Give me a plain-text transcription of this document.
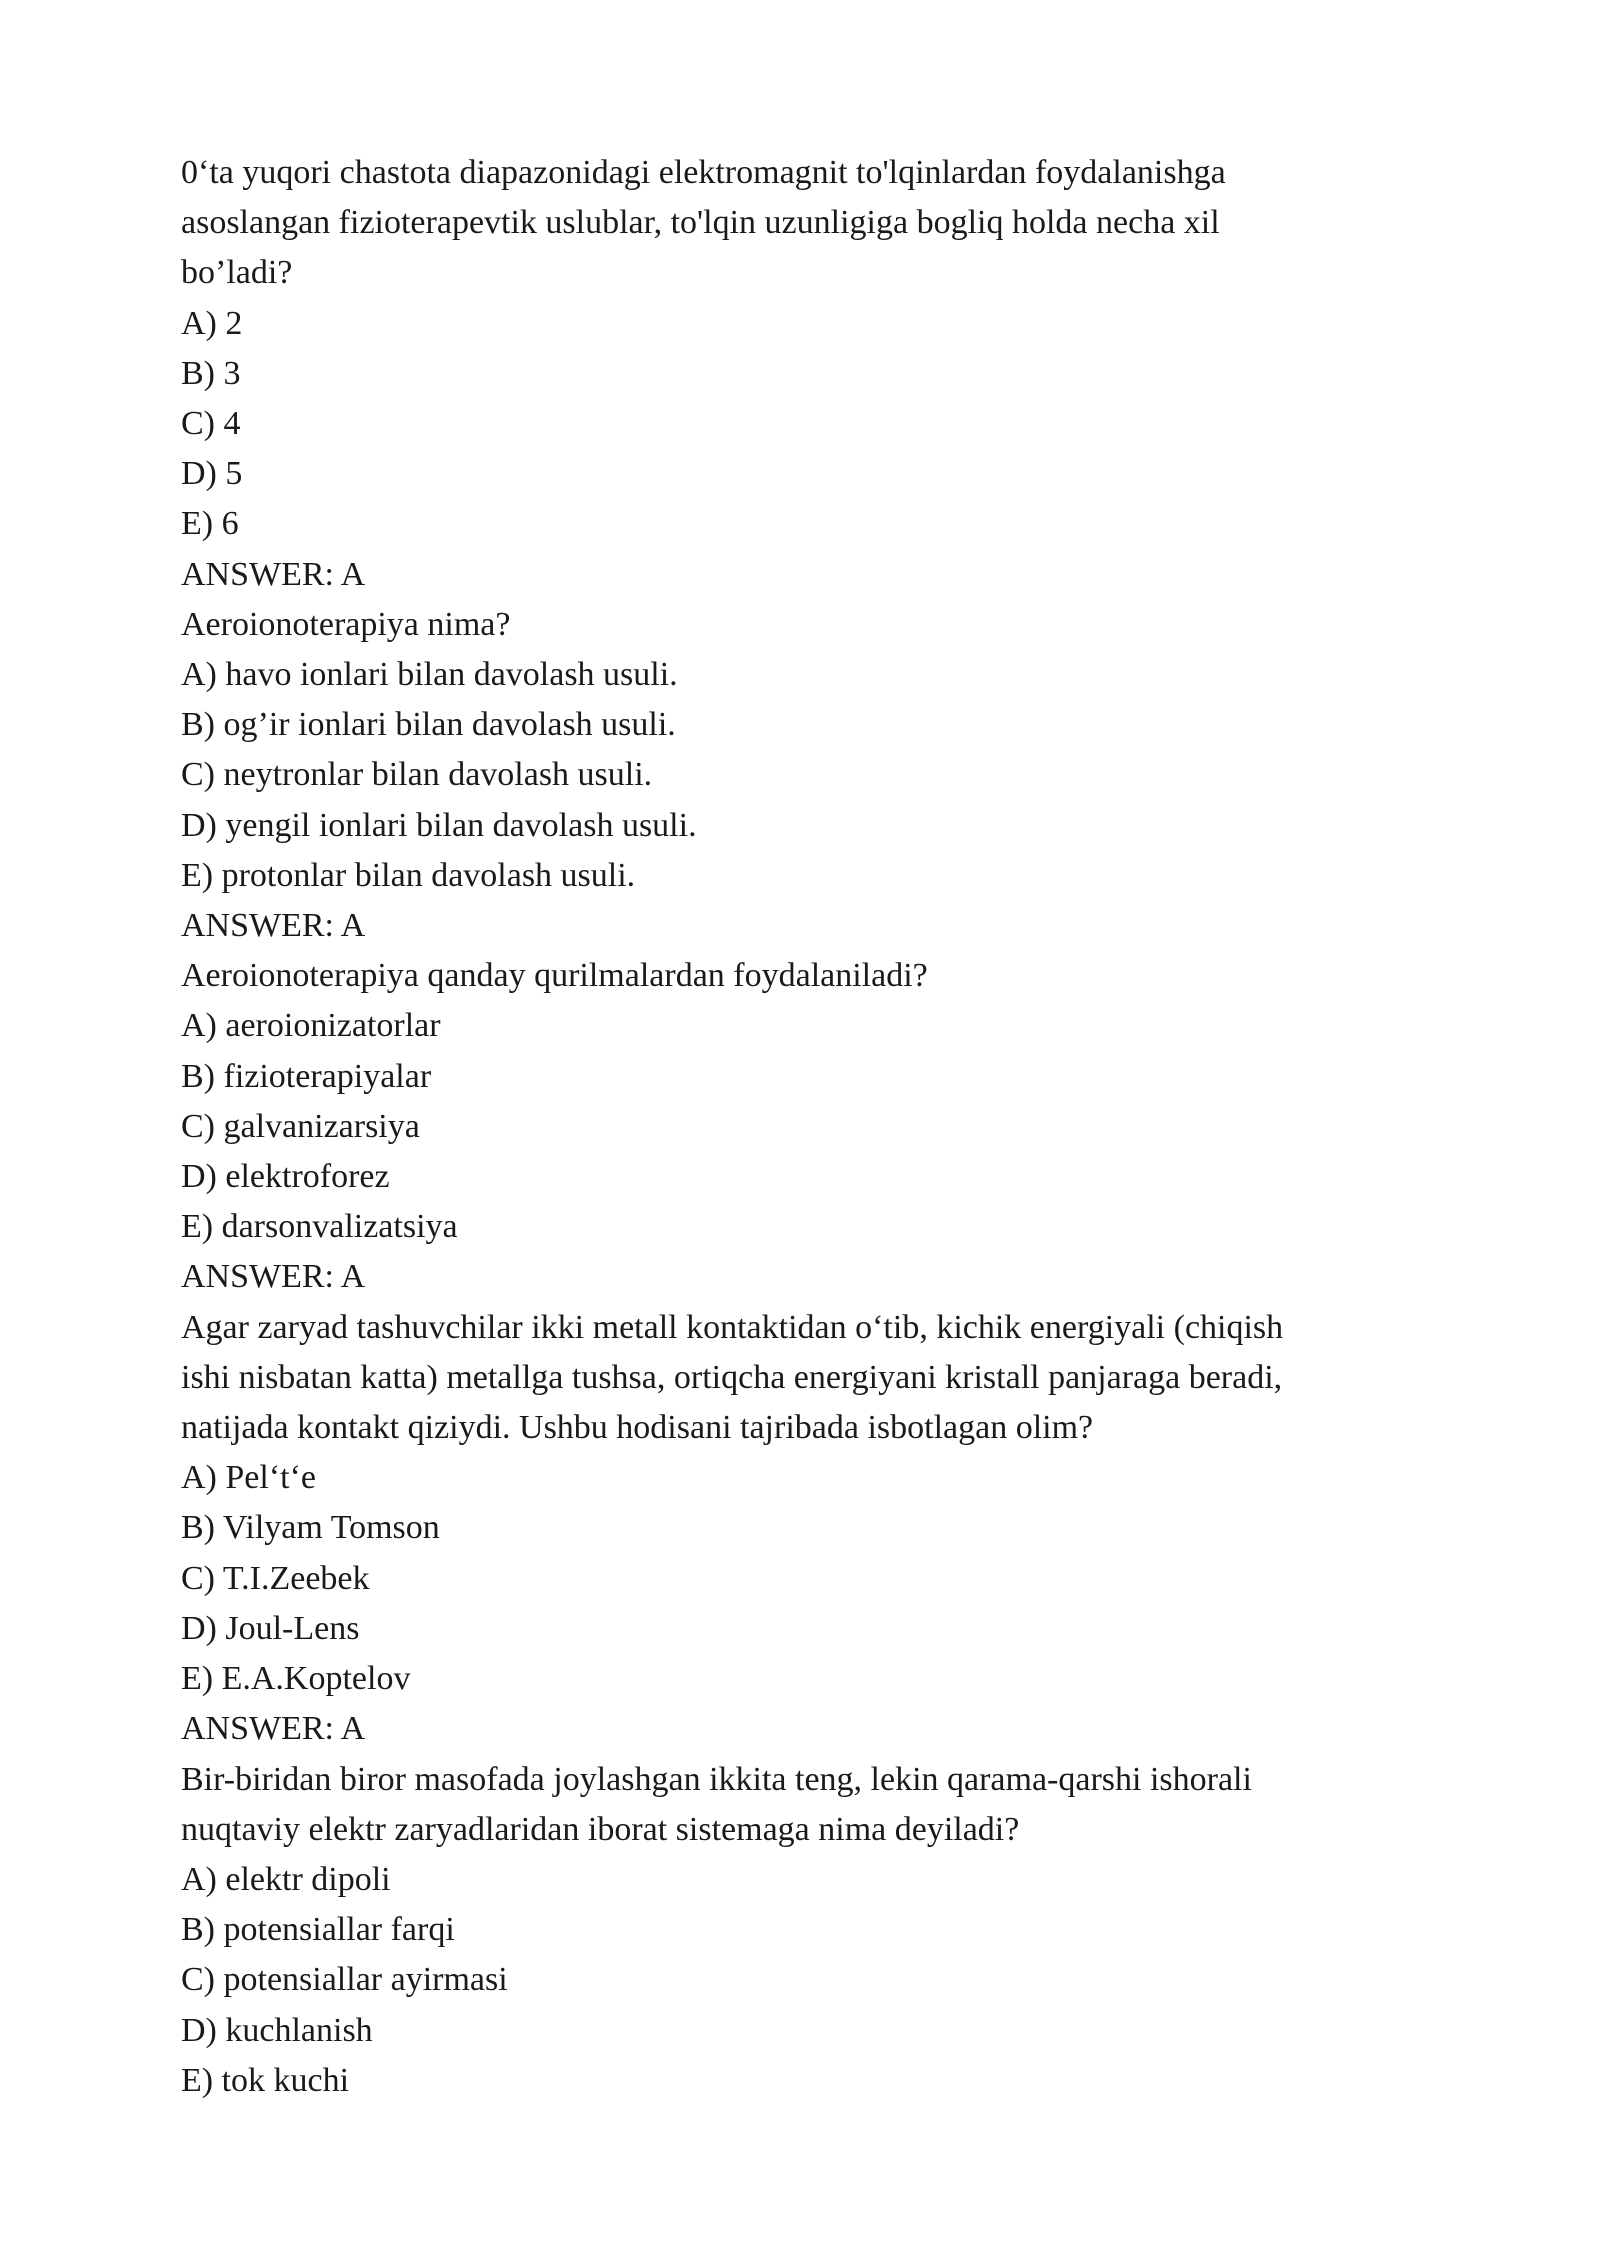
0‘ta yuqori chastota diapazonidagi elektromagnit to'lqinlardan foydalanishga
asoslangan fizioterapevtik uslublar, to'lqin uzunligiga bogliq holda necha xil
bo’ladi?
A) 2
B) 3
C) 4
D) 5
E) 6
ANSWER: A
Aeroionoterapiya nima?
A) havo ionlari bilan davolash usuli.
B) og’ir ionlari bilan davolash usuli.
C) neytronlar bilan davolash usuli.
D) yengil ionlari bilan davolash usuli.
E) protonlar bilan davolash usuli.
ANSWER: A
Aeroionoterapiya qanday qurilmalardan foydalaniladi?
A) aeroionizatorlar
B) fizioterapiyalar
C) galvanizarsiya
D) elektroforez
E) darsonvalizatsiya
ANSWER: A
Agar zaryad tashuvchilar ikki metall kontaktidan o‘tib, kichik energiyali (chiqish
ishi nisbatan katta) metallga tushsa, ortiqcha energiyani kristall panjaraga beradi,
natijada kontakt qiziydi. Ushbu hodisani tajribada isbotlagan olim?
A) Pel‘t‘e
B) Vilyam Tomson
C) T.I.Zeebek
D) Joul-Lens
E) E.A.Koptelov
ANSWER: A
Bir-biridan biror masofada joylashgan ikkita teng, lekin qarama-qarshi ishorali
nuqtaviy elektr zaryadlaridan iborat sistemaga nima deyiladi?
A) elektr dipoli
B) potensiallar farqi
C) potensiallar ayirmasi
D) kuchlanish
E) tok kuchi
